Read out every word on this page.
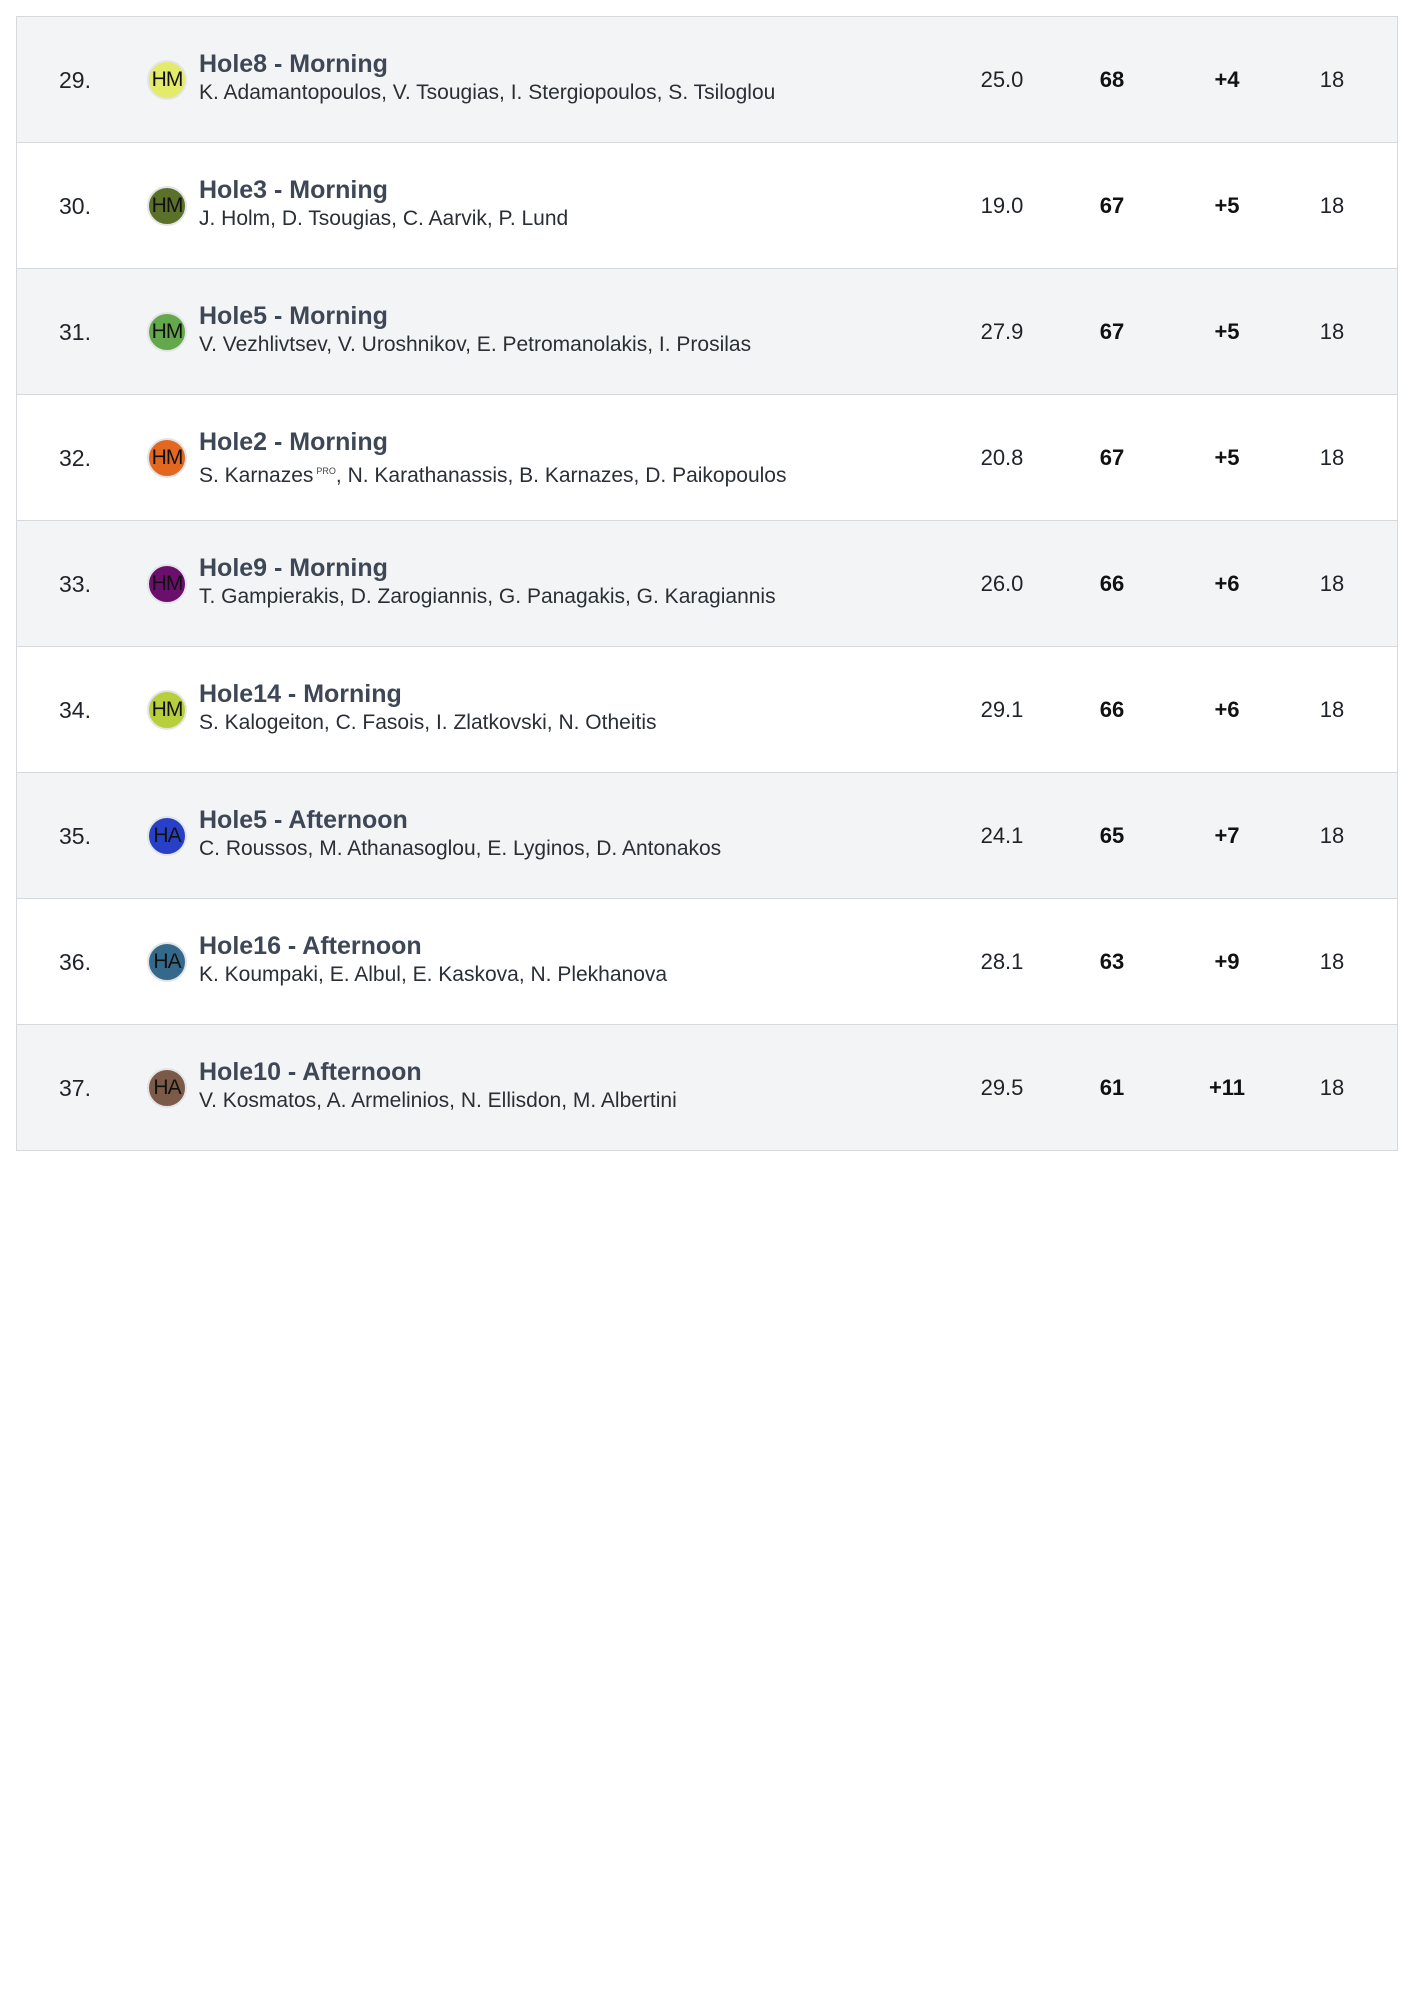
29.	HM
Hole8 - Morning
K. Adamantopoulos, V. Tsougias, I. Stergiopoulos, S. Tsiloglou
25.0	68	+4	18
30.	HM
Hole3 - Morning
J. Holm, D. Tsougias, C. Aarvik, P. Lund
19.0	67	+5	18
31.	HM
Hole5 - Morning
V. Vezhlivtsev, V. Uroshnikov, E. Petromanolakis, I. Prosilas
27.9	67	+5	18
32.	HM
Hole2 - Morning
S. Karnazes $^{PRO}$, N. Karathanassis, B. Karnazes, D. Paikopoulos
20.8	67	+5	18
33.	HM
Hole9 - Morning
T. Gampierakis, D. Zarogiannis, G. Panagakis, G. Karagiannis
26.0	66	+6	18
34.	HM
Hole14 - Morning
S. Kalogeiton, C. Fasois, I. Zlatkovski, N. Otheitis
29.1	66	+6	18
35.	HA
Hole5 - Afternoon
C. Roussos, M. Athanasoglou, E. Lyginos, D. Antonakos
24.1	65	+7	18
36.	HA
Hole16 - Afternoon
K. Koumpaki, E. Albul, E. Kaskova, N. Plekhanova
28.1	63	+9	18
37.	HA
Hole10 - Afternoon
V. Kosmatos, A. Armelinios, N. Ellisdon, M. Albertini
29.5	61	+11	18
